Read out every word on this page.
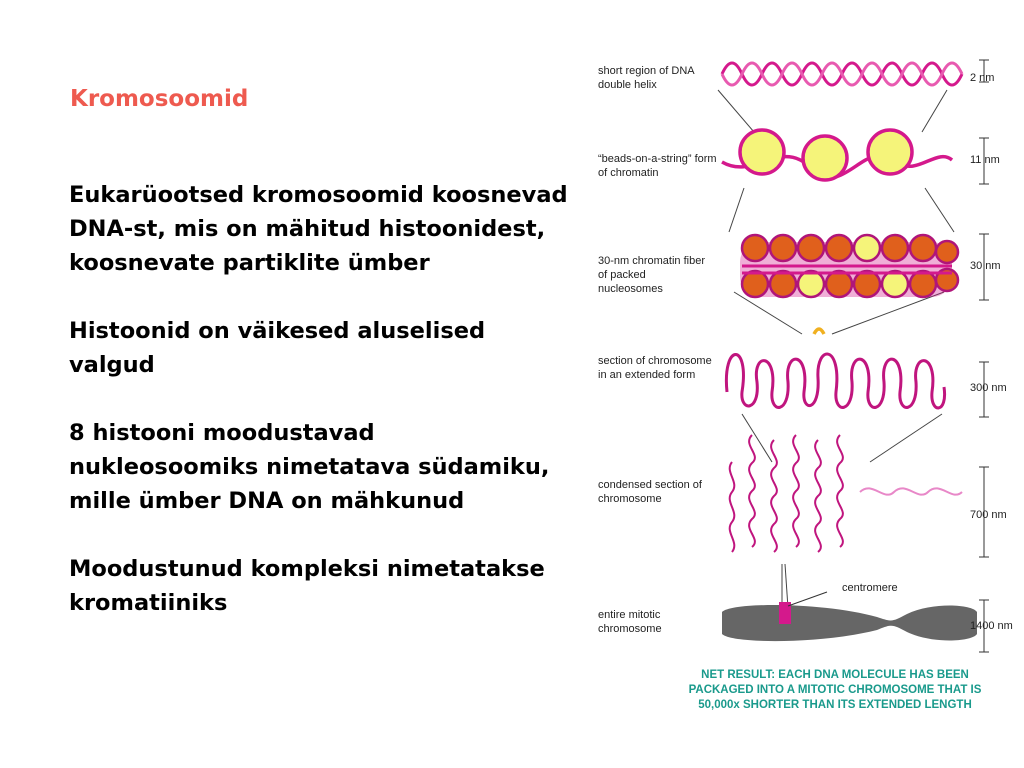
Kromosoomid

Eukarüootsed kromosoomid koosnevad DNA-st, mis on mähitud histoonidest, koosnevate partiklite ümber

Histoonid on väikesed aluselised valgud

8 histooni moodustavad nukleosoomiks nimetatava südamiku, mille ümber DNA on mähkunud

Moodustunud kompleksi nimetatakse kromatiiniks

short region of DNA double helix

“beads-on-a-string” form of chromatin

30-nm chromatin fiber of packed nucleosomes

section of chromosome in an extended form

condensed section of chromosome

entire mitotic chromosome

2 nm

11 nm

30 nm

300 nm

700 nm

1400 nm

centromere

NET RESULT: EACH DNA MOLECULE HAS BEEN PACKAGED INTO A MITOTIC CHROMOSOME THAT IS 50,000x SHORTER THAN ITS EXTENDED LENGTH
